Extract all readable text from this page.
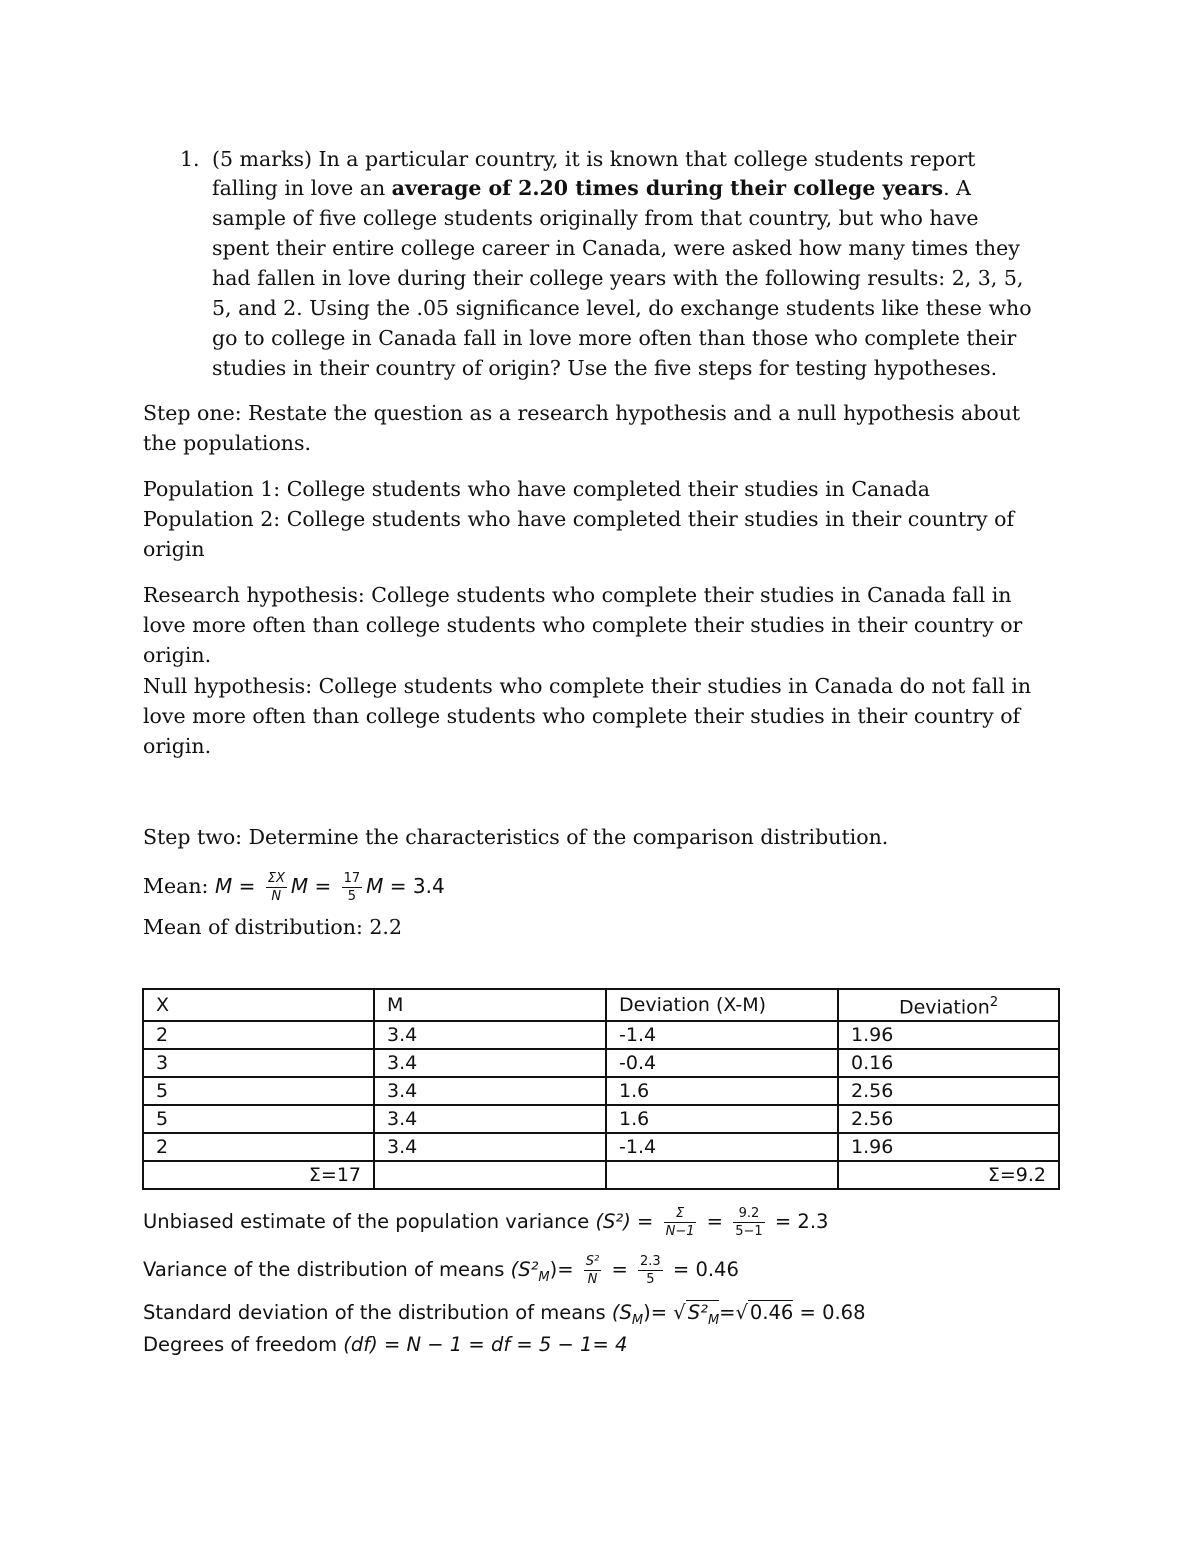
1. (5 marks) In a particular country, it is known that college students report
falling in love an average of 2.20 times during their college years. A
sample of five college students originally from that country, but who have
spent their entire college career in Canada, were asked how many times they
had fallen in love during their college years with the following results: 2, 3, 5,
5, and 2. Using the .05 significance level, do exchange students like these who
go to college in Canada fall in love more often than those who complete their
studies in their country of origin? Use the five steps for testing hypotheses.
Step one: Restate the question as a research hypothesis and a null hypothesis about
the populations.
Population 1: College students who have completed their studies in Canada
Population 2: College students who have completed their studies in their country of
origin
Research hypothesis: College students who complete their studies in Canada fall in
love more often than college students who complete their studies in their country or
origin.
Null hypothesis: College students who complete their studies in Canada do not fall in
love more often than college students who complete their studies in their country of
origin.
Step two: Determine the characteristics of the comparison distribution.
Mean: $M = \frac{\Sigma X}{N}$ $M = \frac{17}{5}$ M = 3.4
Mean of distribution: 2.2
X	M	Deviation (X-M)	Deviation$^2$
2	3.4	-1.4	1.96
3	3.4	-0.4	0.16
5	3.4	1.6	2.56
5	3.4	1.6	2.56
2	3.4	-1.4	1.96
Σ=17			Σ=9.2
Unbiased estimate of the population variance $(S^2) = \frac{\Sigma}{N-1} = \frac{9.2}{5-1} = 2.3$
Variance of the distribution of means $(S^2_M)= \frac{\text{S²}}{N} = \frac{2.3}{5} = 0.46$
Standard deviation of the distribution of means $(S_M)=$ √ $S^2_M=√$ 0.46 = 0.68
Degrees of freedom (df) = N − 1 = df = 5 − 1= 4
